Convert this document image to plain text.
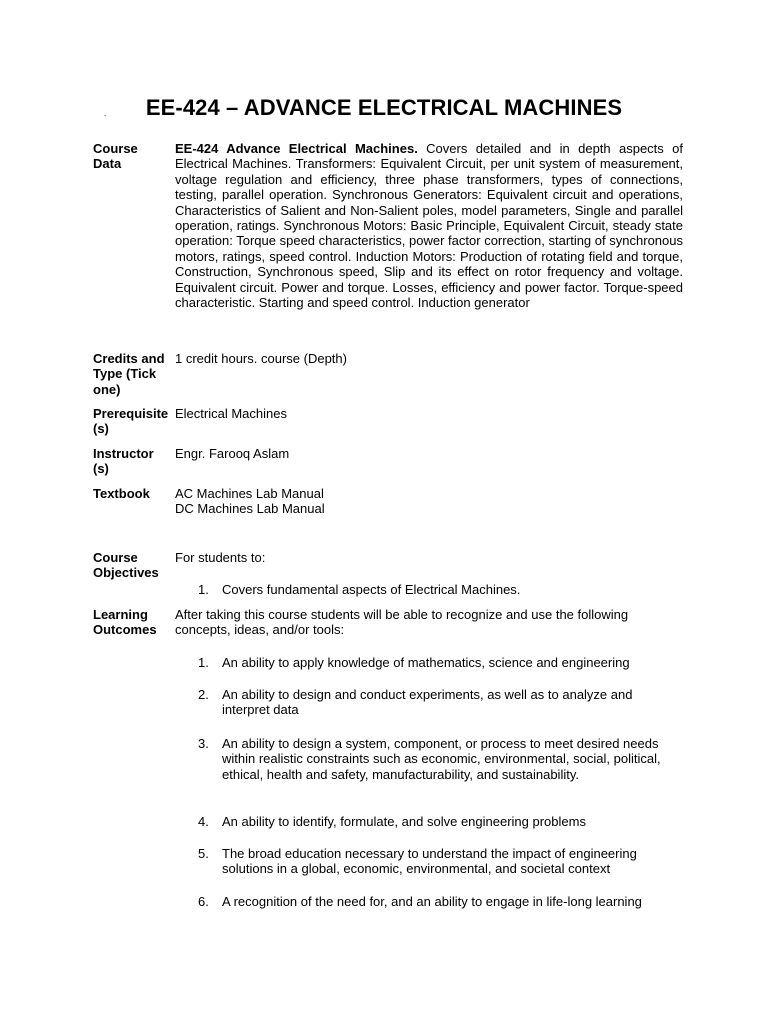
.	EE-424 – ADVANCE ELECTRICAL MACHINES
Course Data
EE-424 Advance Electrical Machines. Covers detailed and in depth aspects of Electrical Machines. Transformers: Equivalent Circuit, per unit system of measurement, voltage regulation and efficiency, three phase transformers, types of connections, testing, parallel operation. Synchronous Generators: Equivalent circuit and operations, Characteristics of Salient and Non-Salient poles, model parameters, Single and parallel operation, ratings. Synchronous Motors: Basic Principle, Equivalent Circuit, steady state operation: Torque speed characteristics, power factor correction, starting of synchronous motors, ratings, speed control. Induction Motors: Production of rotating field and torque, Construction, Synchronous speed, Slip and its effect on rotor frequency and voltage. Equivalent circuit. Power and torque. Losses, efficiency and power factor. Torque-speed characteristic. Starting and speed control. Induction generator
Credits and Type (Tick one)
1 credit hours. course (Depth)
Prerequisite(s)
Electrical Machines
Instructor(s)
Engr. Farooq Aslam
Textbook	AC Machines Lab Manual
DC Machines Lab Manual
Course Objectives
For students to:
1. Covers fundamental aspects of Electrical Machines.
Learning Outcomes
After taking this course students will be able to recognize and use the following concepts, ideas, and/or tools:
1. An ability to apply knowledge of mathematics, science and engineering
2. An ability to design and conduct experiments, as well as to analyze and interpret data
3. An ability to design a system, component, or process to meet desired needs within realistic constraints such as economic, environmental, social, political, ethical, health and safety, manufacturability, and sustainability.
4. An ability to identify, formulate, and solve engineering problems
5. The broad education necessary to understand the impact of engineering solutions in a global, economic, environmental, and societal context
6. A recognition of the need for, and an ability to engage in life-long learning
